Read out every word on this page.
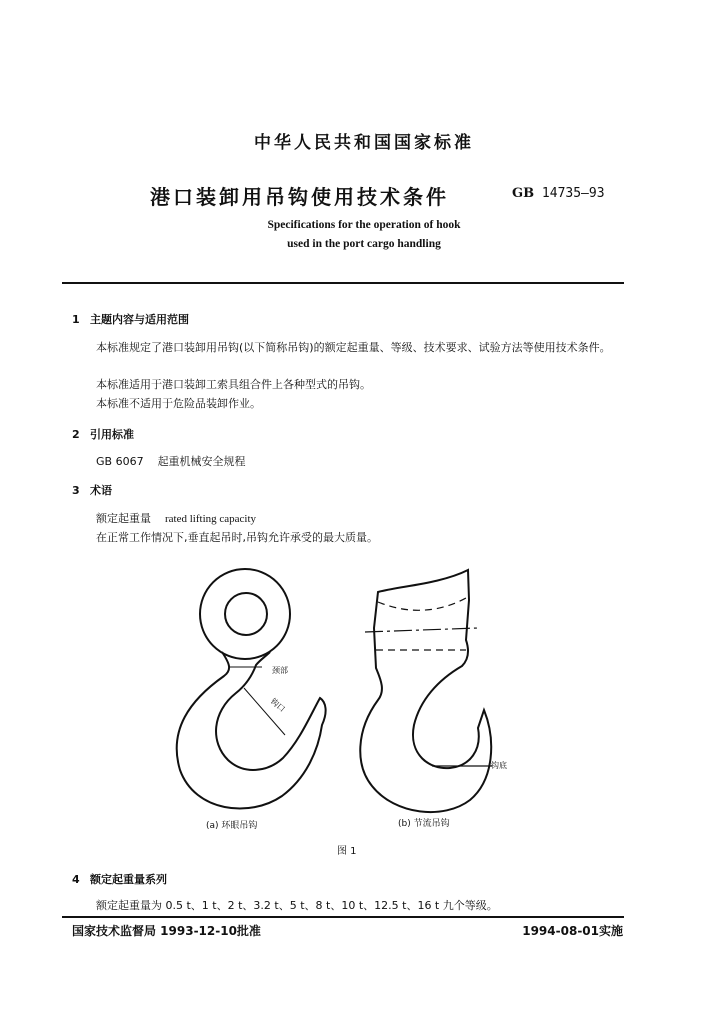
中华人民共和国国家标准
港口装卸用吊钩使用技术条件	GB 14735—93
Specifications for the operation of hook
used in the port cargo handling
1 主题内容与适用范围
本标准规定了港口装卸用吊钩(以下简称吊钩)的额定起重量、等级、技术要求、试验方法等使用技术条件。
本标准适用于港口装卸工索具组合件上各种型式的吊钩。
本标准不适用于危险品装卸作业。
2 引用标准
GB 6067 起重机械安全规程
3 术语
额定起重量 rated lifting capacity
在正常工作情况下,垂直起吊时,吊钩允许承受的最大质量。
颈部
钩口
钩底
(a) 环眼吊钩	(b) 节流吊钩
图 1
4 额定起重量系列
额定起重量为 0.5 t、1 t、2 t、3.2 t、5 t、8 t、10 t、12.5 t、16 t 九个等级。
国家技术监督局 1993-12-10批准	1994-08-01实施
